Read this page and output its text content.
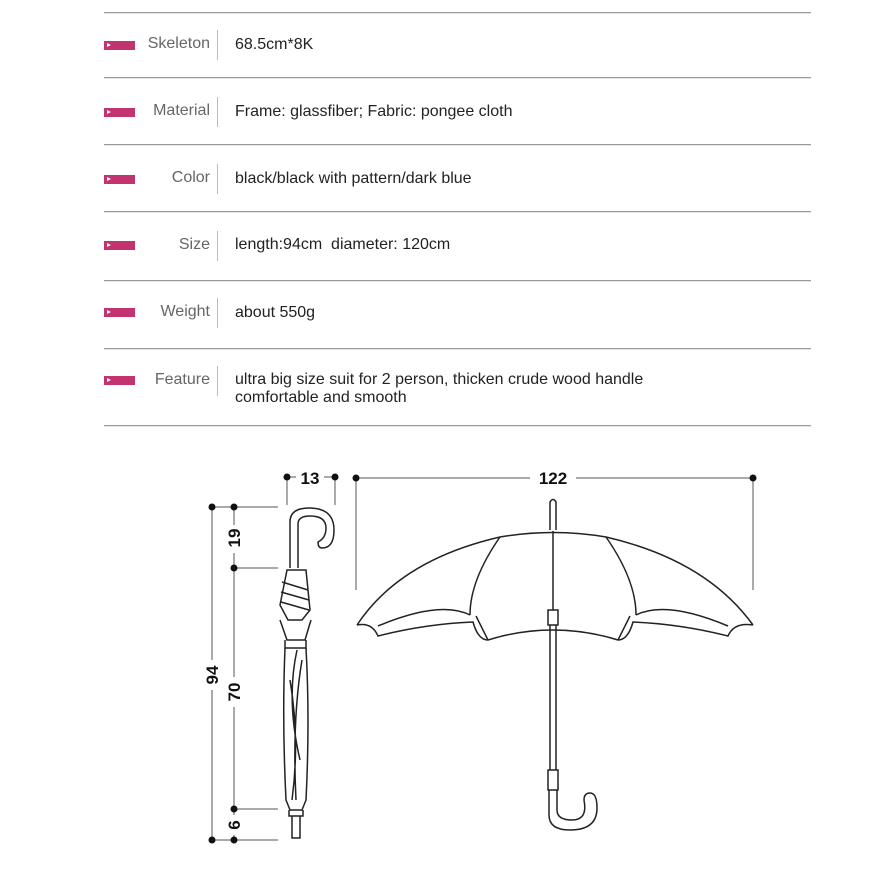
Skeleton 68.5cm*8K
Material Frame: glassfiber; Fabric: pongee cloth
Color black/black with pattern/dark blue
Size length:94cm  diameter: 120cm
Weight about 550g
Feature ultra big size suit for 2 person, thicken crude wood handle
comfortable and smooth
13	122
94
19
70
6
